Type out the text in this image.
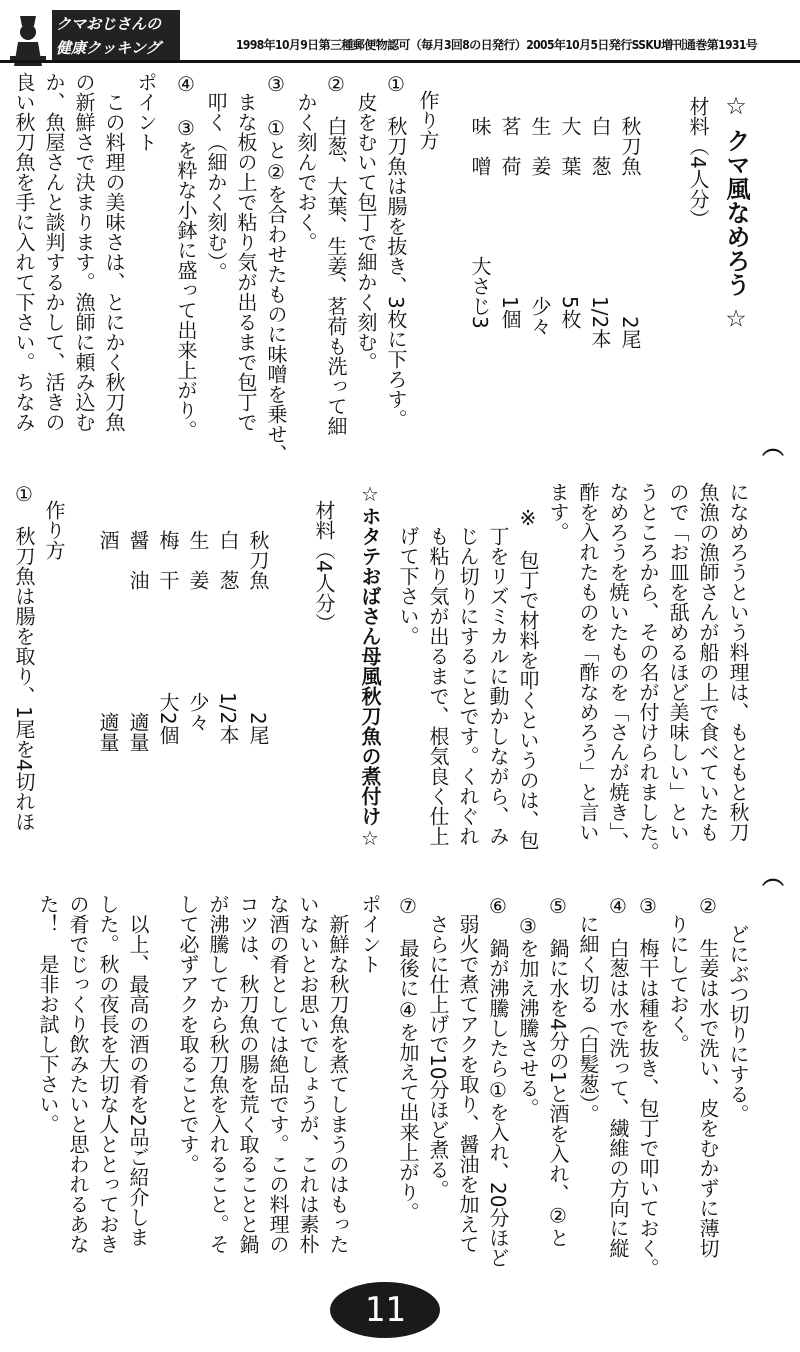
クマおじさんの
健康クッキング	1998年10月9日第三種郵便物認可（毎月3回8の日発行）2005年10月5日発行SSKU増刊通巻第1931号
☆ クマ風なめろう ☆
材料（4人分）
秋刀魚
2尾
白　葱
1/2本
大　葉
5枚
生　姜
少々
茗　荷
1個
味　噌
大さじ3
作り方
①　秋刀魚は腸を抜き、3枚に下ろす。
　皮をむいて包丁で細かく刻む。
②　白葱、大葉、生姜、茗荷も洗って細
　かく刻んでおく。
③　①と②を合わせたものに味噌を乗せ、
　まな板の上で粘り気が出るまで包丁で
　叩く（細かく刻む）。
④　③を粋な小鉢に盛って出来上がり。
ポイント
　この料理の美味さは、とにかく秋刀魚
の新鮮さで決まります。漁師に頼み込む
か、魚屋さんと談判するかして、活きの
良い秋刀魚を手に入れて下さい。ちなみ
︵
になめろうという料理は、もともと秋刀
魚漁の漁師さんが船の上で食べていたも
ので「お皿を舐めるほど美味しい」とい
うところから、その名が付けられました。
なめろうを焼いたものを「さんが焼き」、
酢を入れたものを「酢なめろう」と言い
ます。
※　包丁で材料を叩くというのは、包
　丁をリズミカルに動かしながら、み
　じん切りにすることです。くれぐれ
　も粘り気が出るまで、根気良く仕上
　げて下さい。
☆ホタテおばさん母風秋刀魚の煮付け☆
材料（4人分）
秋刀魚
2尾
白　葱
1/2本
生　姜
少々
梅　干
大2個
醤　油
適量
酒
適量
作り方
①　秋刀魚は腸を取り、1尾を4切れほ
︵
　どにぶつ切りにする。
②　生姜は水で洗い、皮をむかずに薄切
　りにしておく。
③　梅干は種を抜き、包丁で叩いておく。
④　白葱は水で洗って、繊維の方向に縦
　に細く切る（白髪葱）。
⑤　鍋に水を4分の1と酒を入れ、②と
　③を加え沸騰させる。
⑥　鍋が沸騰したら①を入れ、20分ほど
　弱火で煮てアクを取り、醤油を加えて
　さらに仕上げで10分ほど煮る。
⑦　最後に④を加えて出来上がり。
ポイント
　新鮮な秋刀魚を煮てしまうのはもった
いないとお思いでしょうが、これは素朴
な酒の肴としては絶品です。この料理の
コツは、秋刀魚の腸を荒く取ることと鍋
が沸騰してから秋刀魚を入れること。そ
して必ずアクを取ることです。
　以上、最高の酒の肴を2品ご紹介しま
した。秋の夜長を大切な人ととっておき
の肴でじっくり飲みたいと思われるあな
た！　是非お試し下さい。
11
